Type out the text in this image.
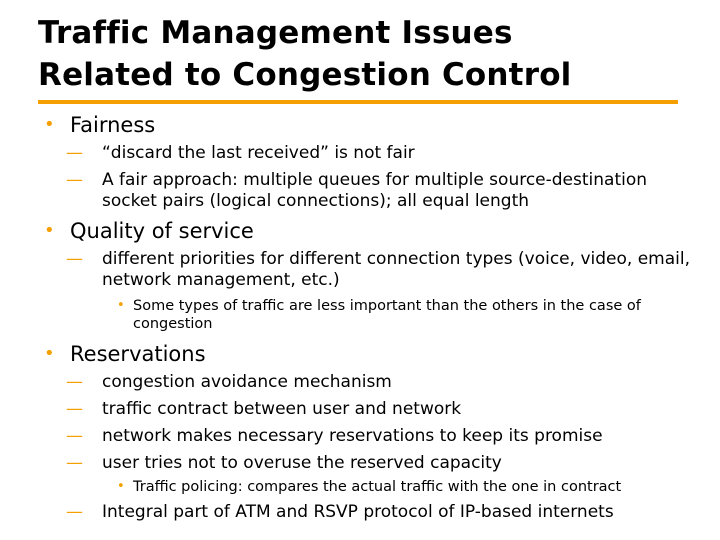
Traffic Management Issues
Related to Congestion Control
• Fairness
— “discard the last received” is not fair
— A fair approach: multiple queues for multiple source-destination socket pairs (logical connections); all equal length
• Quality of service
— different priorities for different connection types (voice, video, email, network management, etc.)
• Some types of traffic are less important than the others in the case of congestion
• Reservations
— congestion avoidance mechanism
— traffic contract between user and network
— network makes necessary reservations to keep its promise
— user tries not to overuse the reserved capacity
• Traffic policing: compares the actual traffic with the one in contract
— Integral part of ATM and RSVP protocol of IP-based internets
